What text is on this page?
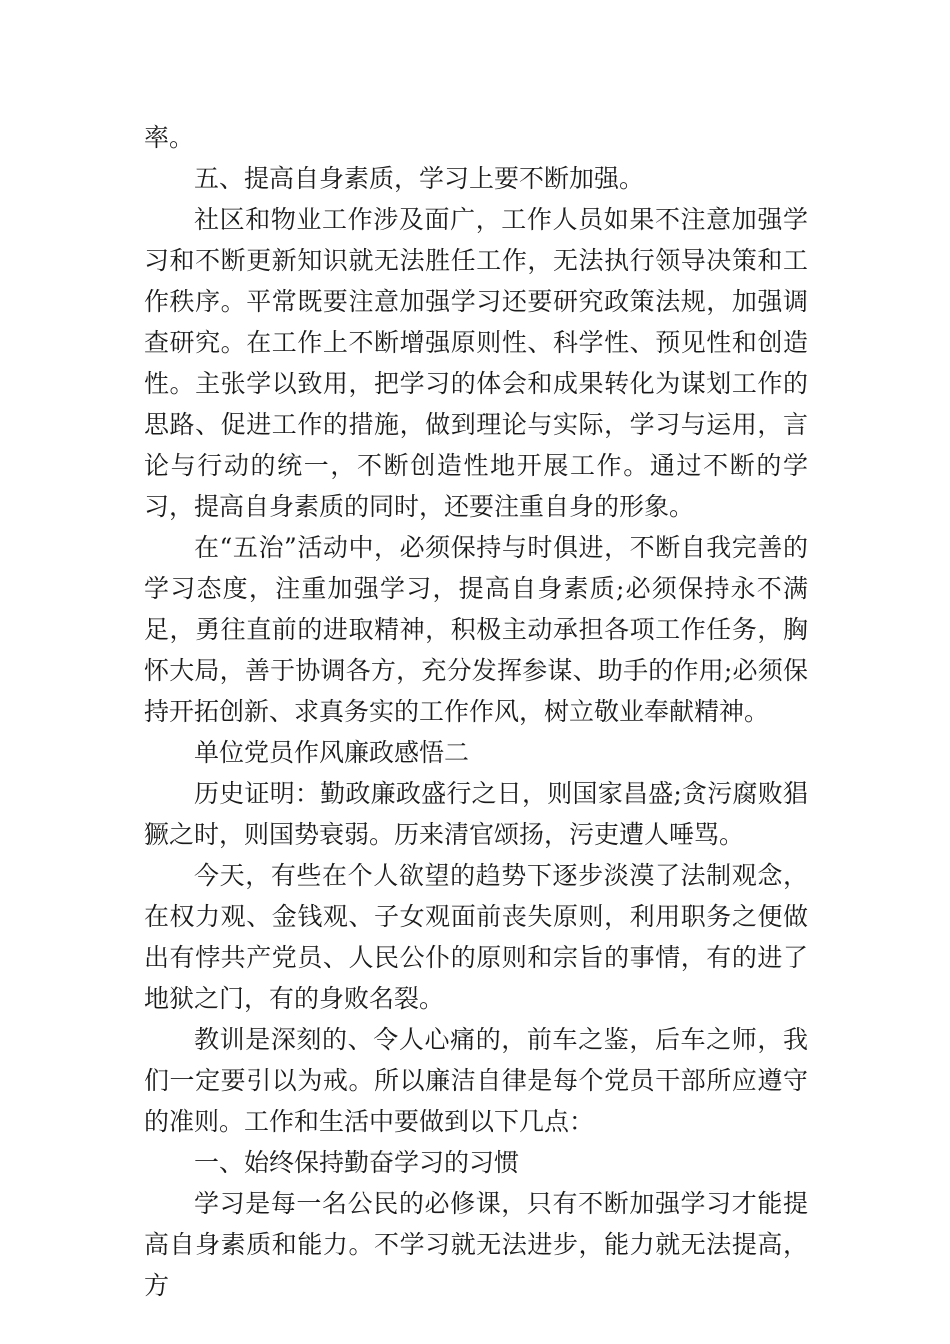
率。

五、提高自身素质，学习上要不断加强。

社区和物业工作涉及面广，工作人员如果不注意加强学习和不断更新知识就无法胜任工作，无法执行领导决策和工作秩序。平常既要注意加强学习还要研究政策法规，加强调查研究。在工作上不断增强原则性、科学性、预见性和创造性。主张学以致用，把学习的体会和成果转化为谋划工作的思路、促进工作的措施，做到理论与实际，学习与运用，言论与行动的统一，不断创造性地开展工作。通过不断的学习，提高自身素质的同时，还要注重自身的形象。

在“五治”活动中，必须保持与时俱进，不断自我完善的学习态度，注重加强学习，提高自身素质;必须保持永不满足，勇往直前的进取精神，积极主动承担各项工作任务，胸怀大局，善于协调各方，充分发挥参谋、助手的作用;必须保持开拓创新、求真务实的工作作风，树立敬业奉献精神。

单位党员作风廉政感悟二

历史证明：勤政廉政盛行之日，则国家昌盛;贪污腐败猖獗之时，则国势衰弱。历来清官颂扬，污吏遭人唾骂。

今天，有些在个人欲望的趋势下逐步淡漠了法制观念，在权力观、金钱观、子女观面前丧失原则，利用职务之便做出有悖共产党员、人民公仆的原则和宗旨的事情，有的进了地狱之门，有的身败名裂。

教训是深刻的、令人心痛的，前车之鉴，后车之师，我们一定要引以为戒。所以廉洁自律是每个党员干部所应遵守的准则。工作和生活中要做到以下几点：

一、始终保持勤奋学习的习惯

学习是每一名公民的必修课，只有不断加强学习才能提高自身素质和能力。不学习就无法进步，能力就无法提高，方
